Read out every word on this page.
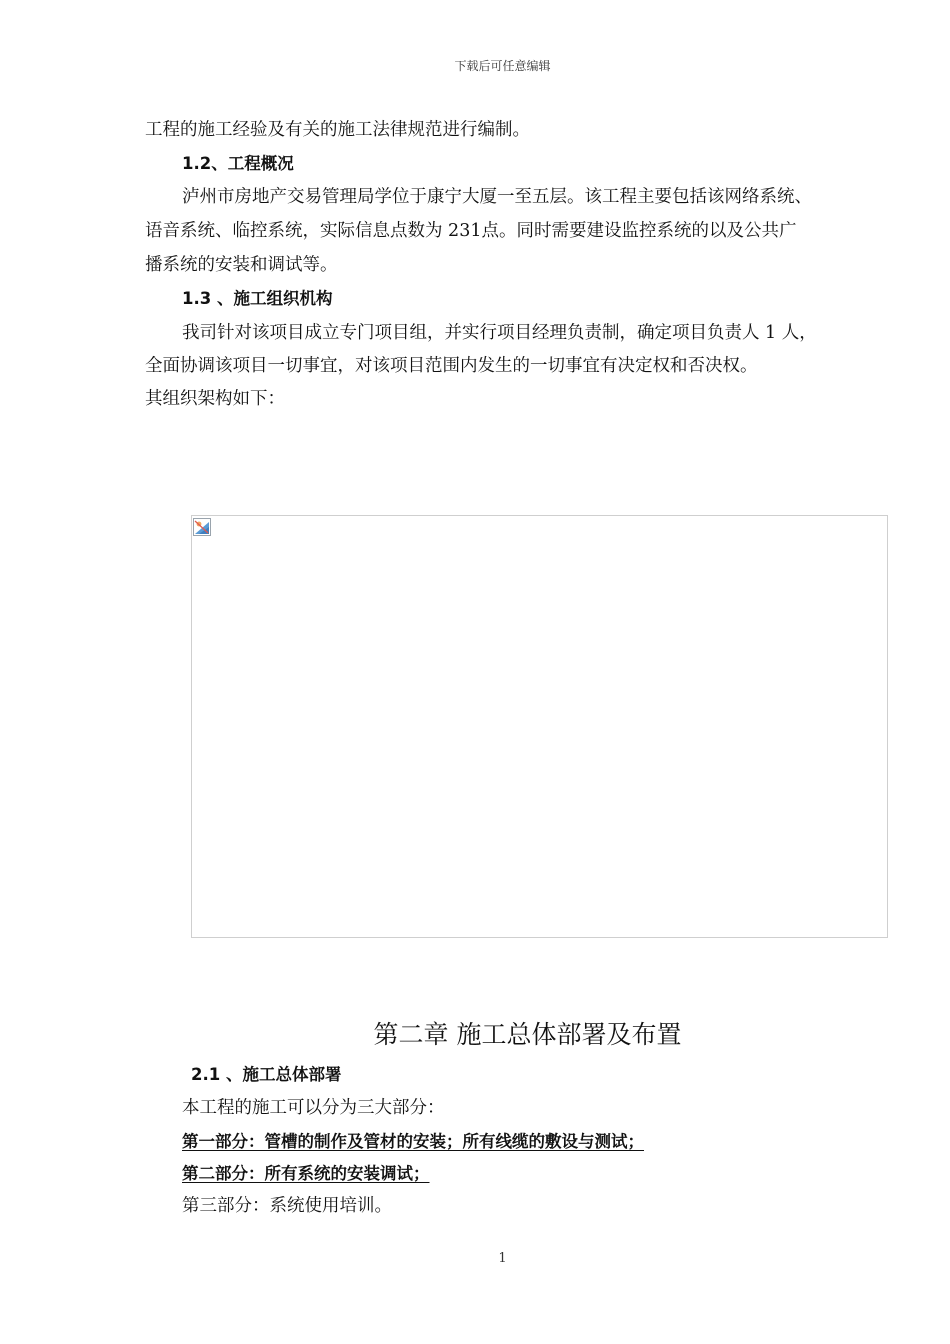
下载后可任意编辑
工程的施工经验及有关的施工法律规范进行编制。
1.2、工程概况
泸州市房地产交易管理局学位于康宁大厦一至五层。该工程主要包括该网络系统、
语音系统、临控系统，实际信息点数为 231点。同时需要建设监控系统的以及公共广
播系统的安装和调试等。
1.3 、施工组织机构
我司针对该项目成立专门项目组，并实行项目经理负责制，确定项目负责人 1 人，
全面协调该项目一切事宜，对该项目范围内发生的一切事宜有决定权和否决权。
其组织架构如下：
第二章 施工总体部署及布置
2.1 、施工总体部署
本工程的施工可以分为三大部分：
第一部分：管槽的制作及管材的安装；所有线缆的敷设与测试；
第二部分：所有系统的安装调试；
第三部分：系统使用培训。
1
